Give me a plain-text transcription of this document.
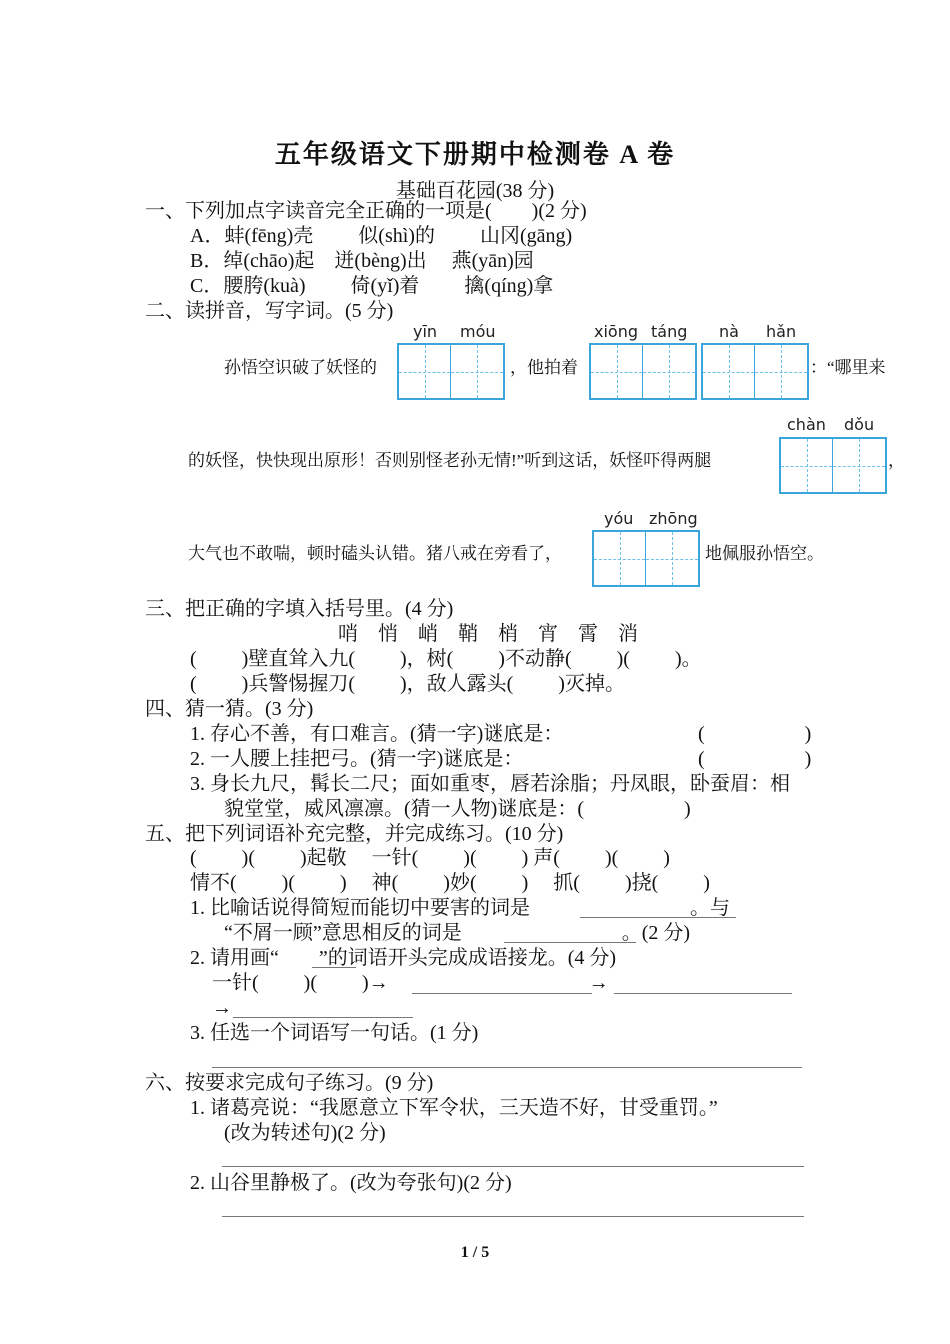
五年级语文下册期中检测卷 A 卷
基础百花园(38 分)
一、下列加点字读音完全正确的一项是(　　)(2 分)
A．蚌(fēng)壳　　 似(shì)的　　 山冈(gāng)
B．绰(chāo)起　迸(bèng)出　 燕(yān)园
C．腰胯(kuà)　　 倚(yǐ)着　　 擒(qíng)拿
二、读拼音，写字词。(5 分)
yīn móu	xiōng táng nà hǎn
chàn dǒu
yóu zhōng
孙悟空识破了妖怪的	，他拍着	：“哪里来
的妖怪，快快现出原形！否则别怪老孙无情!”听到这话，妖怪吓得两腿	，
大气也不敢喘，顿时磕头认错。猪八戒在旁看了，	地佩服孙悟空。
三、把正确的字填入括号里。(4 分)
哨　悄　峭　鞘　梢　宵　霄　消
(　　 )壁直耸入九(　　 )，树(　　 )不动静(　　 )(　　 )。
(　　 )兵警惕握刀(　　 )，敌人露头(　　 )灭掉。
四、猜一猜。(3 分)
1. 存心不善，有口难言。(猜一字)谜底是：	(　　　　　)
2. 一人腰上挂把弓。(猜一字)谜底是：	(　　　　　)
3. 身长九尺，髯长二尺；面如重枣，唇若涂脂；丹凤眼，卧蚕眉：相
貌堂堂，威风凛凛。(猜一人物)谜底是：(　　　　　)
五、把下列词语补充完整，并完成练习。(10 分)
(　　 )(　　 )起敬　 一针(　　 )(　　 ) 声(　　 )(　　 )
情不(　　 )(　　 )　 神(　　 )妙(　　 )　 抓(　　 )挠(　　 )
1. 比喻话说得简短而能切中要害的词是　　　　　　　　。与
“不屑一顾”意思相反的词是　　　　　　　　。(2 分)
2. 请用画“　　”的词语开头完成成语接龙。(4 分)
一针(　　 )(　　 )→　　　　　　　　　　→
→
3. 任选一个词语写一句话。(1 分)
六、按要求完成句子练习。(9 分)
1. 诸葛亮说：“我愿意立下军令状，三天造不好，甘受重罚。”
(改为转述句)(2 分)
2. 山谷里静极了。(改为夸张句)(2 分)
1 / 5
